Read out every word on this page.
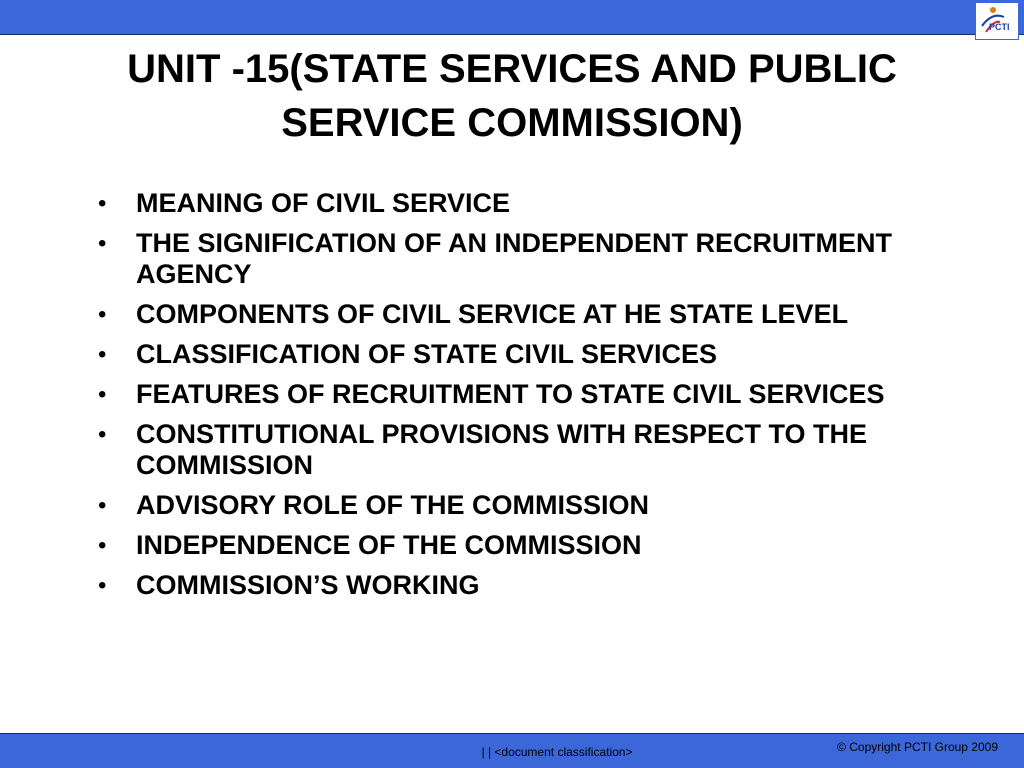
PCTI
UNIT -15(STATE SERVICES AND PUBLIC SERVICE COMMISSION)
• MEANING OF CIVIL SERVICE
• THE SIGNIFICATION OF AN INDEPENDENT RECRUITMENT AGENCY
• COMPONENTS OF CIVIL SERVICE AT HE STATE LEVEL
• CLASSIFICATION OF STATE CIVIL SERVICES
• FEATURES OF RECRUITMENT TO STATE CIVIL SERVICES
• CONSTITUTIONAL PROVISIONS WITH RESPECT TO THE COMMISSION
• ADVISORY ROLE OF THE COMMISSION
• INDEPENDENCE OF THE COMMISSION
• COMMISSION’S WORKING
| | <document classification>	© Copyright PCTI Group 2009
